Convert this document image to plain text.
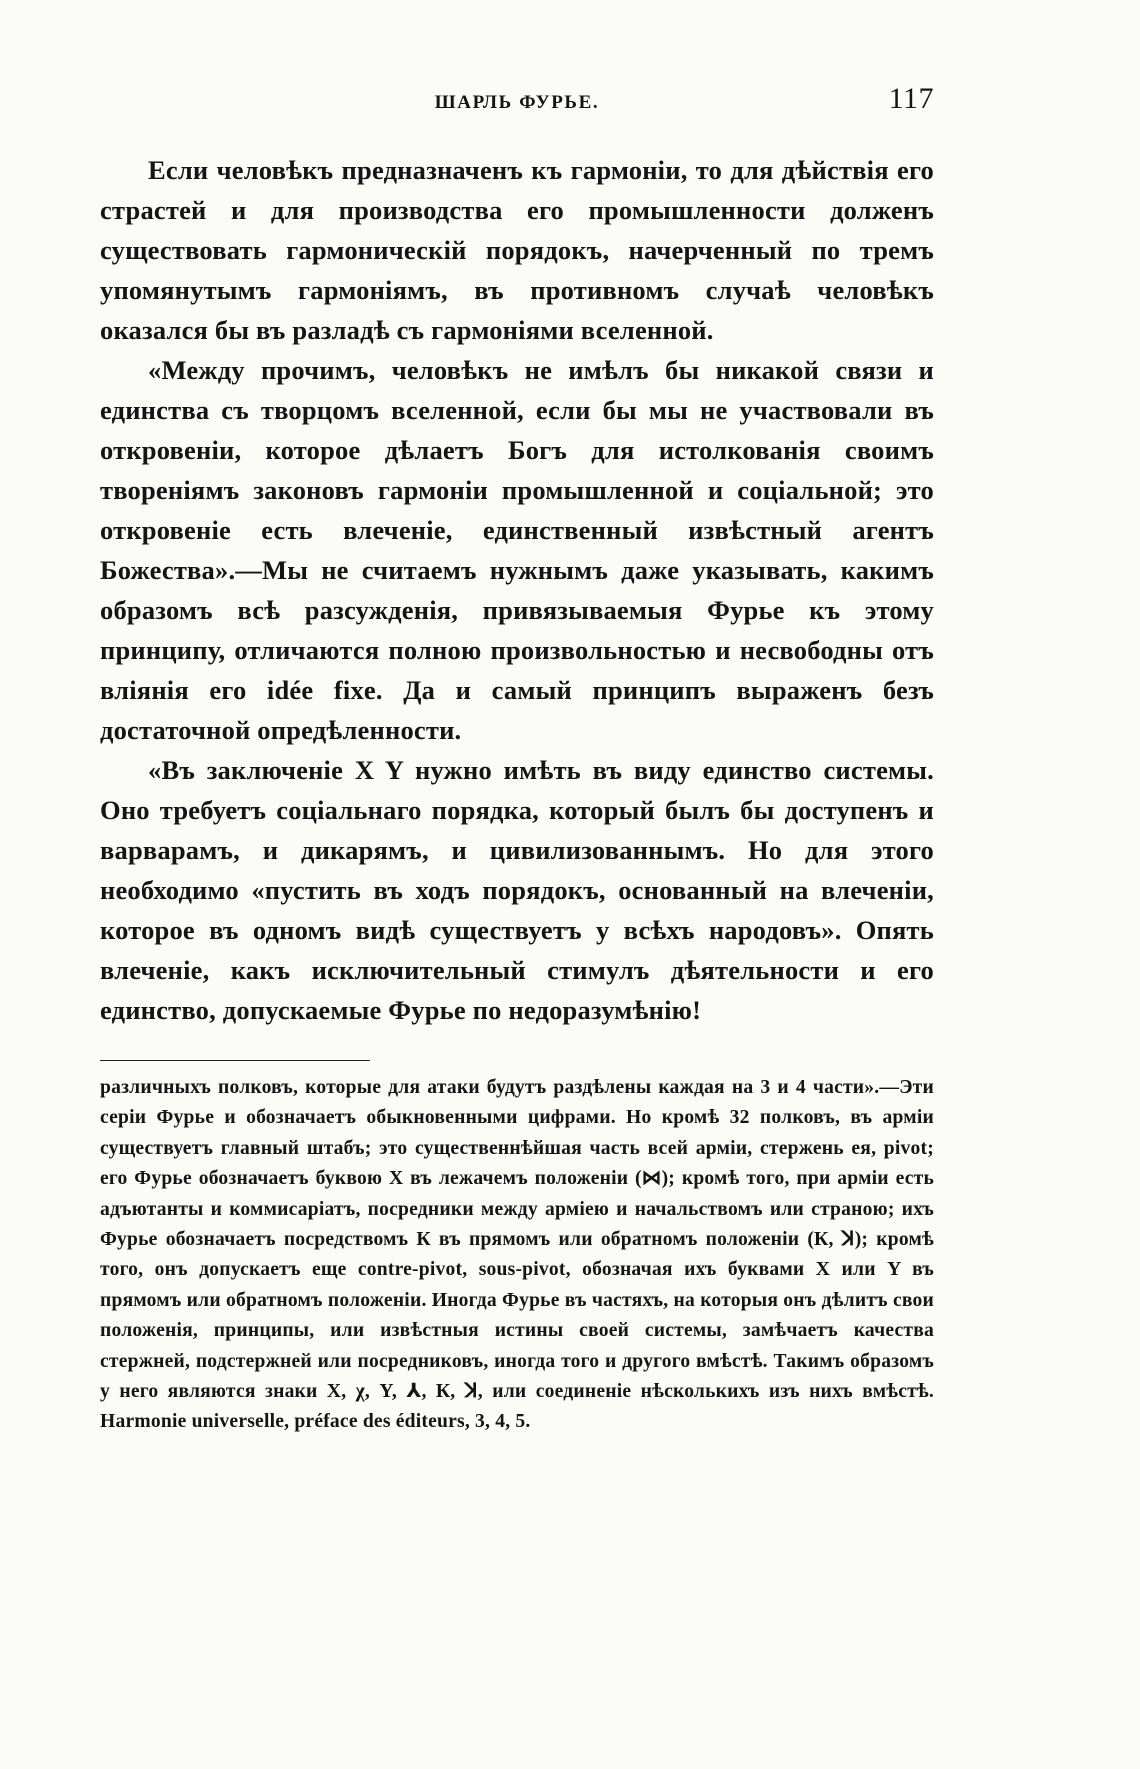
ШАРЛЬ ФУРЬЕ.	117

Если человѣкъ предназначенъ къ гармоніи, то для дѣйствія его страстей и для производства его промышленности долженъ существовать гармоническій порядокъ, начерченный по тремъ упомянутымъ гармоніямъ, въ противномъ случаѣ человѣкъ оказался бы въ разладѣ съ гармоніями вселенной.

«Между прочимъ, человѣкъ не имѣлъ бы никакой связи и единства съ творцомъ вселенной, если бы мы не участвовали въ откровеніи, которое дѣлаетъ Богъ для истолкованія своимъ твореніямъ законовъ гармоніи промышленной и соціальной; это откровеніе есть влеченіе, единственный извѣстный агентъ Божества».—Мы не считаемъ нужнымъ даже указывать, какимъ образомъ всѣ разсужденія, привязываемыя Фурье къ этому принципу, отличаются полною произвольностью и несвободны отъ вліянія его idée fixe. Да и самый принципъ выраженъ безъ достаточной опредѣленности.

«Въ заключеніе X Y нужно имѣть въ виду единство системы. Оно требуетъ соціальнаго порядка, который былъ бы доступенъ и варварамъ, и дикарямъ, и цивилизованнымъ. Но для этого необходимо «пустить въ ходъ порядокъ, основанный на влеченіи, которое въ одномъ видѣ существуетъ у всѣхъ народовъ». Опять влеченіе, какъ исключительный стимулъ дѣятельности и его единство, допускаемые Фурье по недоразумѣнію!

различныхъ полковъ, которые для атаки будутъ раздѣлены каждая на 3 и 4 части».—Эти серіи Фурье и обозначаетъ обыкновенными цифрами. Но кромѣ 32 полковъ, въ арміи существуетъ главный штабъ; это существеннѣйшая часть всей арміи, стержень ея, pivot; его Фурье обозначаетъ буквою X въ лежачемъ положеніи (⋈); кромѣ того, при арміи есть адъютанты и коммисаріатъ, посредники между арміею и начальствомъ или страною; ихъ Фурье обозначаетъ посредствомъ К въ прямомъ или обратномъ положеніи (К, ꓘ); кромѣ того, онъ допускаетъ еще contre-pivot, sous-pivot, обозначая ихъ буквами X или Y въ прямомъ или обратномъ положеніи. Иногда Фурье въ частяхъ, на которыя онъ дѣлитъ свои положенія, принципы, или извѣстныя истины своей системы, замѣчаетъ качества стержней, подстержней или посредниковъ, иногда того и другого вмѣстѣ. Такимъ образомъ у него являются знаки X, χ, Y, ⅄, К, ꓘ, или соединеніе нѣсколькихъ изъ нихъ вмѣстѣ. Harmonie universelle, préface des éditeurs, 3, 4, 5.
